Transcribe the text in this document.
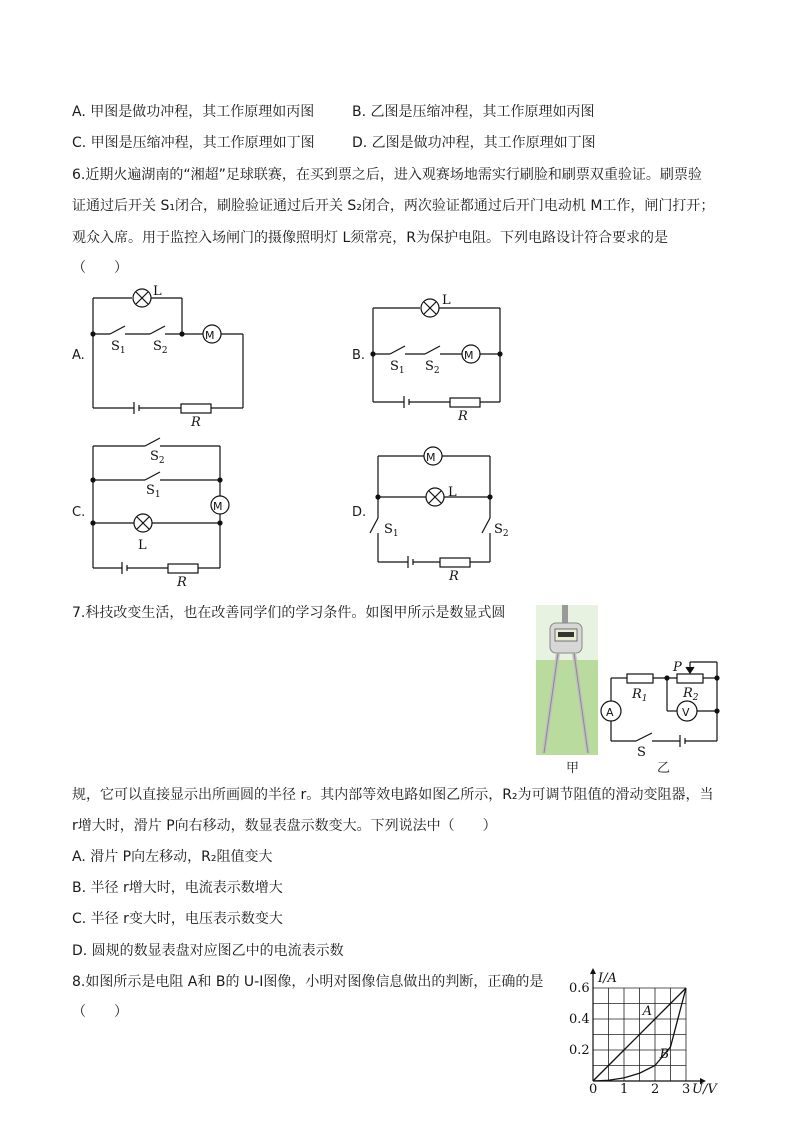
A. 甲图是做功冲程，其工作原理如丙图	B. 乙图是压缩冲程，其工作原理如丙图
C. 甲图是压缩冲程，其工作原理如丁图	D. 乙图是做功冲程，其工作原理如丁图
6.近期火遍湖南的“湘超”足球联赛，在买到票之后，进入观赛场地需实行刷脸和刷票双重验证。刷票验
证通过后开关 S₁闭合，刷脸验证通过后开关 S₂闭合，两次验证都通过后开门电动机 M工作，闸门打开；
观众入席。用于监控入场闸门的摄像照明灯 L须常亮，R为保护电阻。下列电路设计符合要求的是
（　　）
A.	B.
C.	D.
L
M
R
$S_1$ $S_2$
L
M
R
$S_1$ $S_2$
M
L
R
$S_2$
$S_1$
M
L
R
$S_1$	$S_2$
7.科技改变生活，也在改善同学们的学习条件。如图甲所示是数显式圆
甲	乙
P
$R_1$	$R_2$
A	V
S
规，它可以直接显示出所画圆的半径 r。其内部等效电路如图乙所示，R₂为可调节阻值的滑动变阻器，当
r增大时，滑片 P向右移动，数显表盘示数变大。下列说法中（　　）
A. 滑片 P向左移动，R₂阻值变大
B. 半径 r增大时，电流表示数增大
C. 半径 r变大时，电压表示数变大
D. 圆规的数显表盘对应图乙中的电流表示数
8.如图所示是电阻 A和 B的 U-I图像，小明对图像信息做出的判断，正确的是
（　　）
0 1 2 3
0.2
0.4
0.6
I/A
U/V
A
B
